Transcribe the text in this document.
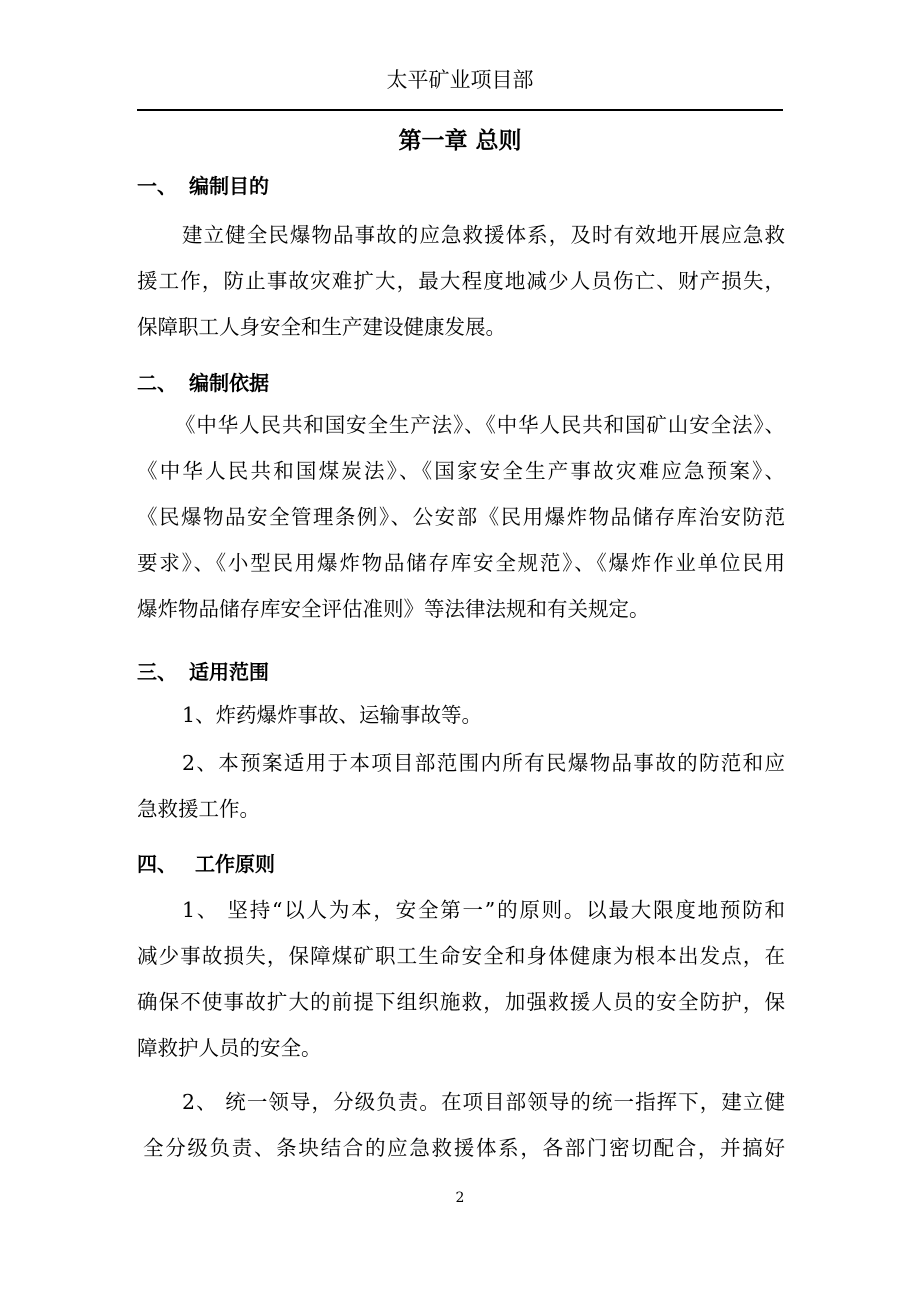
太平矿业项目部
第一章 总则
一、 编制目的
建立健全民爆物品事故的应急救援体系，及时有效地开展应急救
援工作，防止事故灾难扩大，最大程度地减少人员伤亡、财产损失，
保障职工人身安全和生产建设健康发展。
二、 编制依据
《中华人民共和国安全生产法》、《中华人民共和国矿山安全法》、
《中华人民共和国煤炭法》、《国家安全生产事故灾难应急预案》、
《民爆物品安全管理条例》、公安部《民用爆炸物品储存库治安防范
要求》、《小型民用爆炸物品储存库安全规范》、《爆炸作业单位民用
爆炸物品储存库安全评估准则》等法律法规和有关规定。
三、 适用范围
1、炸药爆炸事故、运输事故等。
2、本预案适用于本项目部范围内所有民爆物品事故的防范和应
急救援工作。
四、 工作原则
1、 坚持“以人为本，安全第一”的原则。以最大限度地预防和
减少事故损失，保障煤矿职工生命安全和身体健康为根本出发点，在
确保不使事故扩大的前提下组织施救，加强救援人员的安全防护，保
障救护人员的安全。
2、 统一领导，分级负责。在项目部领导的统一指挥下，建立健
全分级负责、条块结合的应急救援体系，各部门密切配合，并搞好
2
